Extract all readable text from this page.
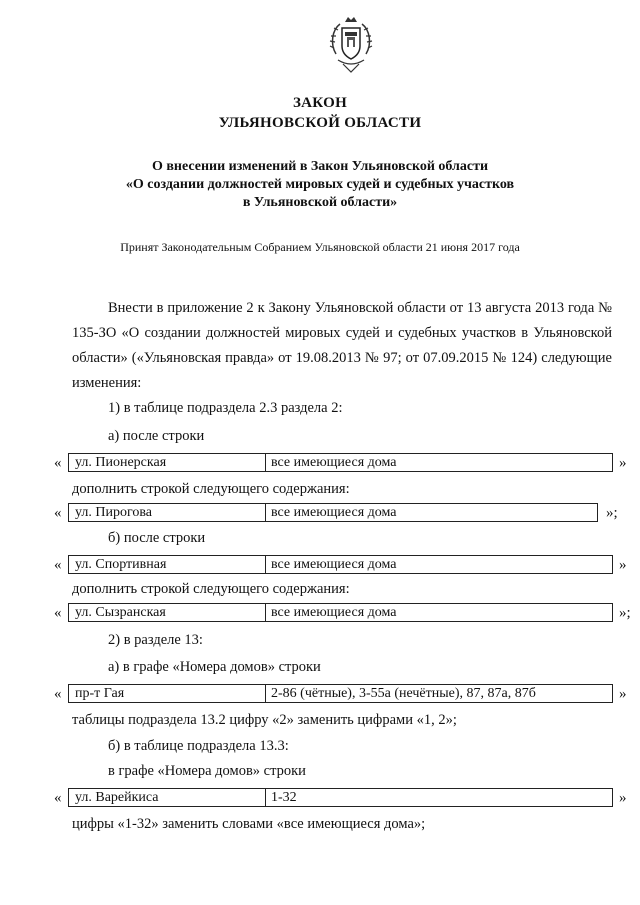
ЗАКОН
УЛЬЯНОВСКОЙ ОБЛАСТИ
О внесении изменений в Закон Ульяновской области
«О создании должностей мировых судей и судебных участков
в Ульяновской области»
Принят Законодательным Собранием Ульяновской области 21 июня 2017 года
Внести в приложение 2 к Закону Ульяновской области от 13 августа 2013 года № 135-ЗО «О создании должностей мировых судей и судебных участков в Ульяновской области» («Ульяновская правда» от 19.08.2013 № 97; от 07.09.2015 № 124) следующие изменения:
1) в таблице подраздела 2.3 раздела 2:
а) после строки
« ул. Пионерская	все имеющиеся дома	»
дополнить строкой следующего содержания:
« ул. Пирогова	все имеющиеся дома	»;
б) после строки
« ул. Спортивная	все имеющиеся дома	»
дополнить строкой следующего содержания:
« ул. Сызранская	все имеющиеся дома	»;
2) в разделе 13:
а) в графе «Номера домов» строки
« пр-т Гая	2-86 (чётные), 3-55а (нечётные), 87, 87а, 87б	»
таблицы подраздела 13.2 цифру «2» заменить цифрами «1, 2»;
б) в таблице подраздела 13.3:
в графе «Номера домов» строки
« ул. Варейкиса	1-32	»
цифры «1-32» заменить словами «все имеющиеся дома»;
